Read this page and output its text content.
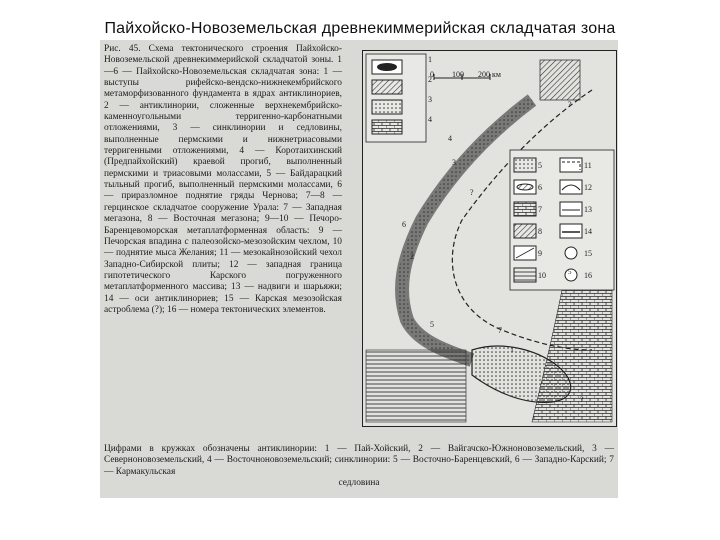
Пайхойско-Новоземельская древнекиммерийская складчатая зона

Рис. 45. Схема тектонического строения Пайхойско-Новоземельской древнекиммерийской складчатой зоны. 1—6 — Пайхойско-Новоземельская складчатая зона: 1 — выступы рифейско-вендско-нижнекембрийского метаморфизованного фундамента в ядрах антиклинориев, 2 — антиклинории, сложенные верхнекембрийско-каменноугольными терригенно-карбонатными отложениями, 3 — синклинории и седловины, выполненные пермскими и нижнетриасовыми терригенными отложениями, 4 — Коротаихинский (Предпайхойский) краевой прогиб, выполненный пермскими и триасовыми молассами, 5 — Байдарацкий тыльный прогиб, выполненный пермскими молассами, 6 — приразломное поднятие гряды Чернова; 7—8 — герцинское складчатое сооружение Урала: 7 — Западная мегазона, 8 — Восточная мегазона; 9—10 — Печоро-Баренцевоморская метаплатформенная область: 9 — Печорская впадина с палеозойско-мезозойским чехлом, 10 — поднятие мыса Желания; 11 — мезокайнозойский чехол Западно-Сибирской плиты; 12 — западная граница гипотетического Карского погруженного метаплатформенного массива; 13 — надвиги и шарьяжи; 14 — оси антиклинориев; 15 — Карская мезозойская астроблема (?); 16 — номера тектонических элементов.

1
2
3
4
0 100 200 км
5
6
7
8
9
10
11
12
13
14
15
16
5
?
?
4
3
6
2
5
7
1
?

Цифрами в кружках обозначены антиклинории: 1 — Пай-Хойский, 2 — Вайгачско-Южноновоземельский, 3 — Северноновоземельский, 4 — Восточноновоземельский; синклинории: 5 — Восточно-Баренцевский, 6 — Западно-Карский; 7 — Кармакульская
седловина
